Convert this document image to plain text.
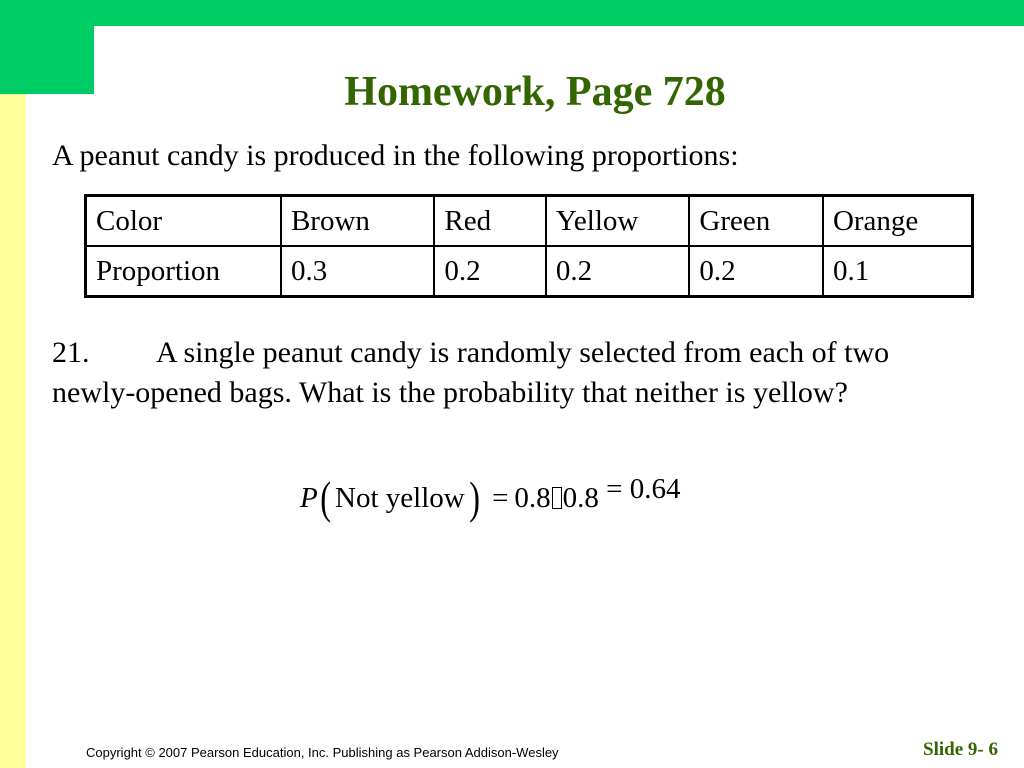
Homework, Page 728

A peanut candy is produced in the following proportions:

Color	Brown	Red	Yellow	Green	Orange
Proportion	0.3	0.2	0.2	0.2	0.1

21. A single peanut candy is randomly selected from each of two newly-opened bags. What is the probability that neither is yellow?

P( Not yellow) = 0.8 0.8 = 0.64
Copyright © 2007 Pearson Education, Inc. Publishing as Pearson Addison-Wesley	Slide 9- 6
